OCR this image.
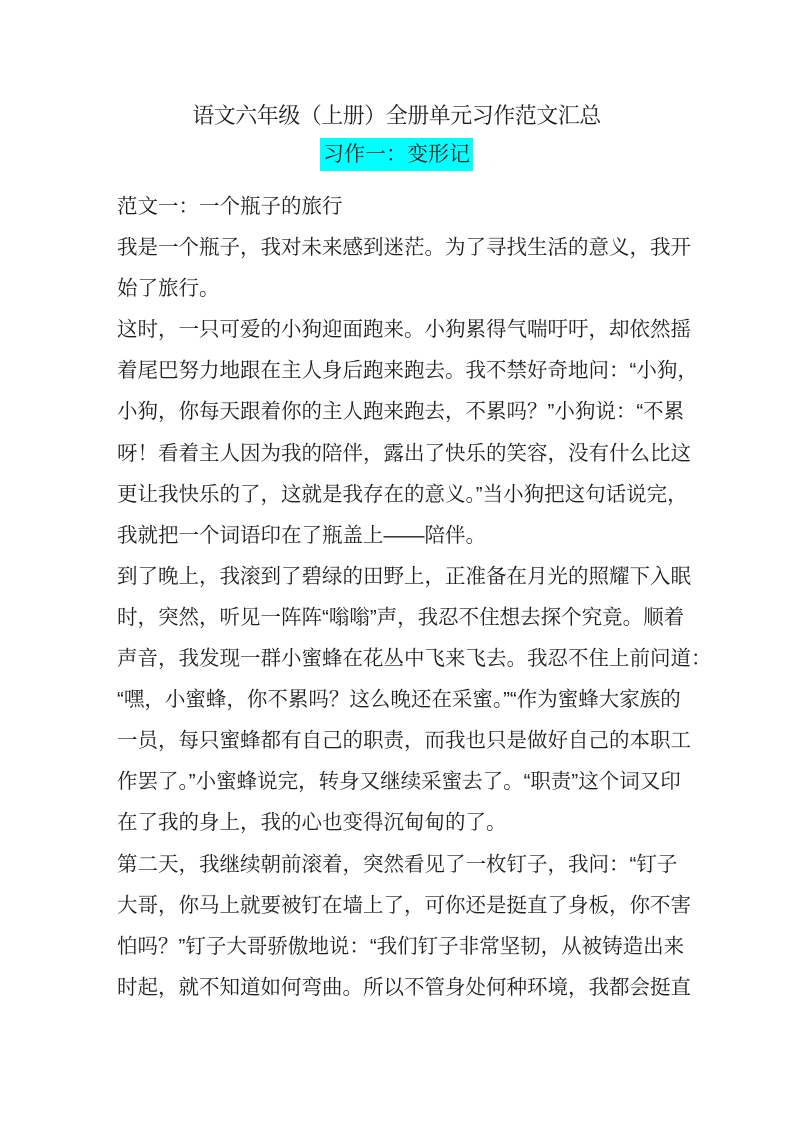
语文六年级（上册）全册单元习作范文汇总
习作一：变形记
范文一：一个瓶子的旅行
我是一个瓶子，我对未来感到迷茫。为了寻找生活的意义，我开
始了旅行。
这时，一只可爱的小狗迎面跑来。小狗累得气喘吁吁，却依然摇
着尾巴努力地跟在主人身后跑来跑去。我不禁好奇地问：“小狗，
小狗，你每天跟着你的主人跑来跑去，不累吗？”小狗说：“不累
呀！看着主人因为我的陪伴，露出了快乐的笑容，没有什么比这
更让我快乐的了，这就是我存在的意义。”当小狗把这句话说完，
我就把一个词语印在了瓶盖上——陪伴。
到了晚上，我滚到了碧绿的田野上，正准备在月光的照耀下入眠
时，突然，听见一阵阵“嗡嗡”声，我忍不住想去探个究竟。顺着
声音，我发现一群小蜜蜂在花丛中飞来飞去。我忍不住上前问道：
“嘿，小蜜蜂，你不累吗？这么晚还在采蜜。”“作为蜜蜂大家族的
一员，每只蜜蜂都有自己的职责，而我也只是做好自己的本职工
作罢了。”小蜜蜂说完，转身又继续采蜜去了。“职责”这个词又印
在了我的身上，我的心也变得沉甸甸的了。
第二天，我继续朝前滚着，突然看见了一枚钉子，我问：“钉子
大哥，你马上就要被钉在墙上了，可你还是挺直了身板，你不害
怕吗？”钉子大哥骄傲地说：“我们钉子非常坚韧，从被铸造出来
时起，就不知道如何弯曲。所以不管身处何种环境，我都会挺直
